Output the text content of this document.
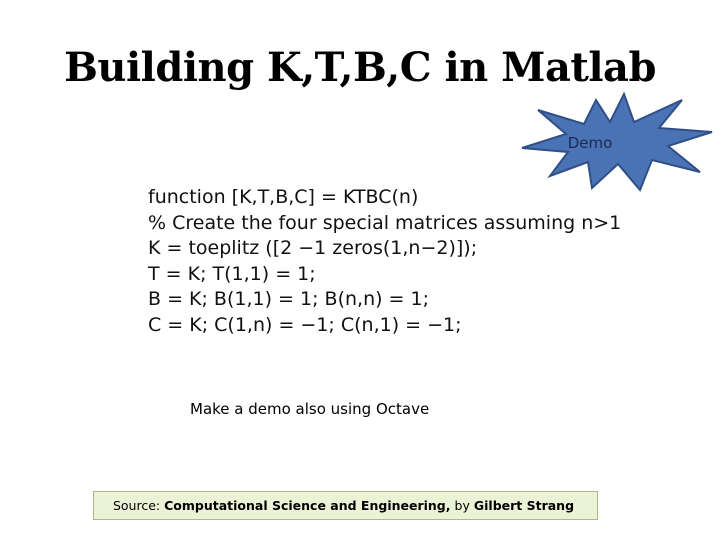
Building K,T,B,C in Matlab
Demo
function [K,T,B,C] = KTBC(n)
% Create the four special matrices assuming n>1
K = toeplitz ([2 −1 zeros(1,n−2)]);
T = K; T(1,1) = 1;
B = K; B(1,1) = 1; B(n,n) = 1;
C = K; C(1,n) = −1; C(n,1) = −1;
Make a demo also using Octave
Source: Computational Science and Engineering, by Gilbert Strang
